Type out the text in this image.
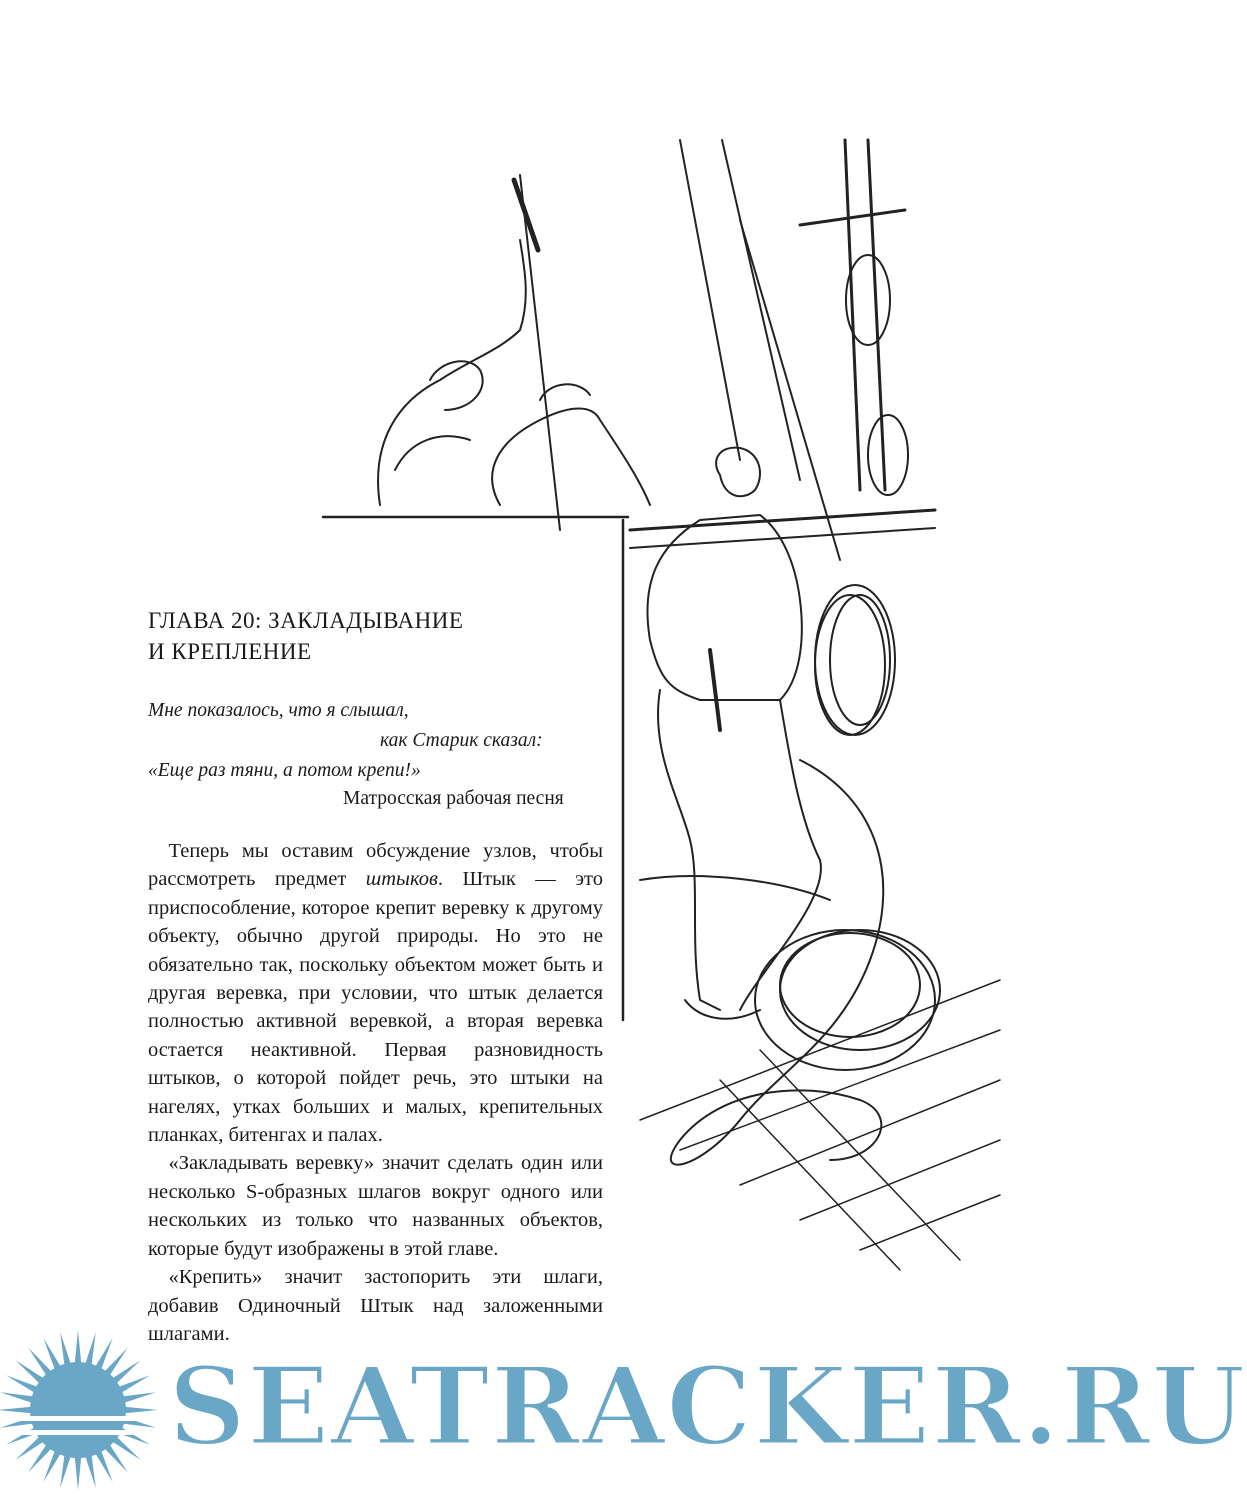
ГЛАВА 20: ЗАКЛАДЫВАНИЕ
И КРЕПЛЕНИЕ
Мне показалось, что я слышал,
как Старик сказал:
«Еще раз тяни, а потом крепи!»
Матросская рабочая песня

 Теперь мы оставим обсуждение узлов, чтобы рассмотреть предмет штыков. Штык — это приспособление, которое крепит веревку к другому объекту, обычно другой природы. Но это не обязательно так, поскольку объектом может быть и другая веревка, при условии, что штык делается полностью активной веревкой, а вторая веревка остается неактивной. Первая разновидность штыков, о которой пойдет речь, это штыки на нагелях, утках больших и малых, крепительных планках, битенгах и палах.

 «Закладывать веревку» значит сделать один или несколько S-образных шлагов вокруг одного или нескольких из только что названных объектов, которые будут изображены в этой главе.

 «Крепить» значит застопорить эти шлаги, добавив Одиночный Штык над заложенными шлагами.

SEATRACKER.RU
